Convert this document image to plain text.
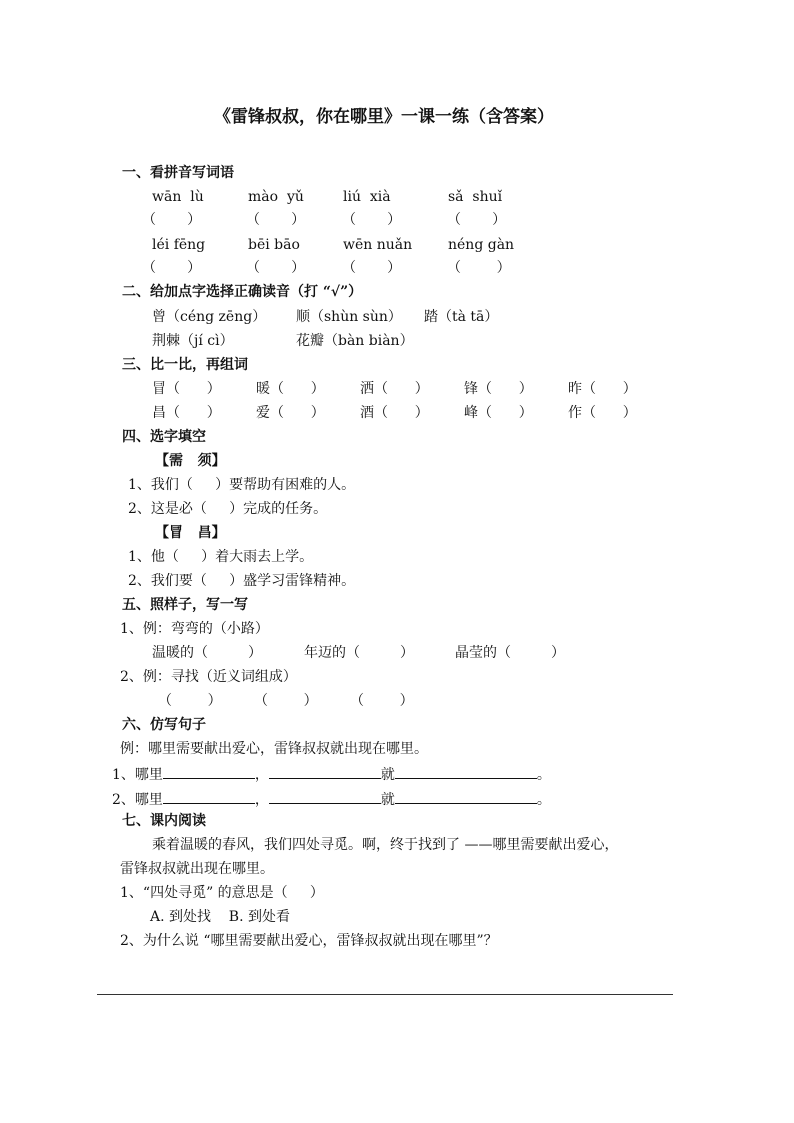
《雷锋叔叔，你在哪里》一课一练（含答案）
一、看拼音写词语
wān  lù	mào  yǔ	liú  xià	sǎ  shuǐ
（       ）	（       ）	（       ）	（       ）
léi fēng	bēi bāo	wēn nuǎn	néng gàn
（       ）	（       ）	（       ）	（        ）
二、给加点字选择正确读音（打 “√”）
曾（céng zēng） 顺（shùn sùn） 踏（tà tā）
荆棘（jí cì）	花瓣（bàn biàn）
三、比一比，再组词
冒（      ）	暖（      ）	洒（      ）	锋（      ）	昨（      ）
昌（      ）	爱（      ）	酒（      ）	峰（      ）	作（      ）
四、选字填空
【需   须】
1、我们（     ）要帮助有困难的人。
2、这是必（     ）完成的任务。
【冒   昌】
1、他（     ）着大雨去上学。
2、我们要（     ）盛学习雷锋精神。
五、照样子，写一写
1、例：弯弯的（小路）
温暖的（         ）	年迈的（         ）	晶莹的（         ）
2、例：寻找（近义词组成）
（        ） （        ） （        ）
六、仿写句子
例：哪里需要献出爱心，雷锋叔叔就出现在哪里。
1、哪里	，	就	。
2、哪里	，	就	。
七、课内阅读
乘着温暖的春风，我们四处寻觅。啊，终于找到了 ——哪里需要献出爱心，
雷锋叔叔就出现在哪里。
1、“四处寻觅” 的意思是（     ）
A. 到处找    B. 到处看
2、为什么说 “哪里需要献出爱心，雷锋叔叔就出现在哪里”？
